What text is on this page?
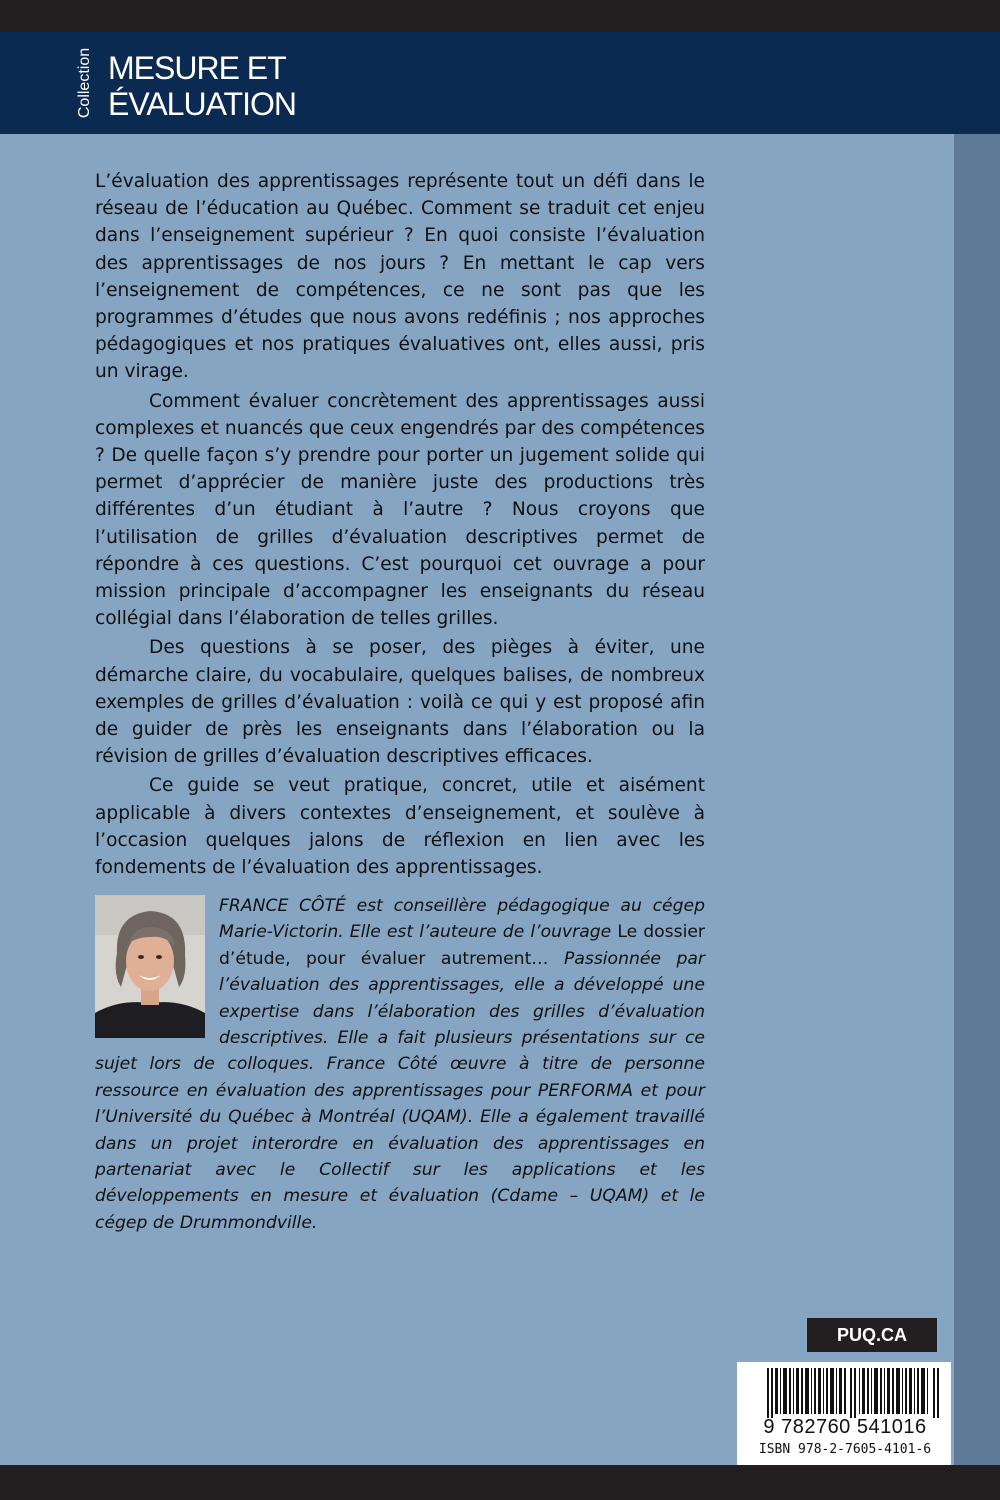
Collection MESURE ET
ÉVALUATION

L’évaluation des apprentissages représente tout un défi dans le réseau de l’éducation au Québec. Comment se traduit cet enjeu dans l’enseignement supérieur ? En quoi consiste l’évaluation des apprentissages de nos jours ? En mettant le cap vers l’enseignement de compétences, ce ne sont pas que les programmes d’études que nous avons redéfinis ; nos approches pédagogiques et nos pratiques évaluatives ont, elles aussi, pris un virage.

Comment évaluer concrètement des apprentissages aussi complexes et nuancés que ceux engendrés par des compétences ? De quelle façon s’y prendre pour porter un jugement solide qui permet d’apprécier de manière juste des productions très différentes d’un étudiant à l’autre ? Nous croyons que l’utilisation de grilles d’évaluation descriptives permet de répondre à ces questions. C’est pourquoi cet ouvrage a pour mission principale d’accompagner les enseignants du réseau collégial dans l’élaboration de telles grilles.

Des questions à se poser, des pièges à éviter, une démarche claire, du vocabulaire, quelques balises, de nombreux exemples de grilles d’évaluation : voilà ce qui y est proposé afin de guider de près les enseignants dans l’élaboration ou la révision de grilles d’évaluation descriptives efficaces.

Ce guide se veut pratique, concret, utile et aisément applicable à divers contextes d’enseignement, et soulève à l’occasion quelques jalons de réflexion en lien avec les fondements de l’évaluation des apprentissages.

FRANCE CÔTÉ est conseillère pédagogique au cégep Marie-Victorin. Elle est l’auteure de l’ouvrage Le dossier d’étude, pour évaluer autrement… Passionnée par l’évaluation des apprentissages, elle a développé une expertise dans l’élaboration des grilles d’évaluation descriptives. Elle a fait plusieurs présentations sur ce sujet lors de colloques. France Côté œuvre à titre de personne ressource en évaluation des apprentissages pour PERFORMA et pour l’Université du Québec à Montréal (UQAM). Elle a également travaillé dans un projet interordre en évaluation des apprentissages en partenariat avec le Collectif sur les applications et les développements en mesure et évaluation (Cdame – UQAM) et le cégep de Drummondville.
PUQ.CA
9 782760 541016
ISBN 978-2-7605-4101-6
